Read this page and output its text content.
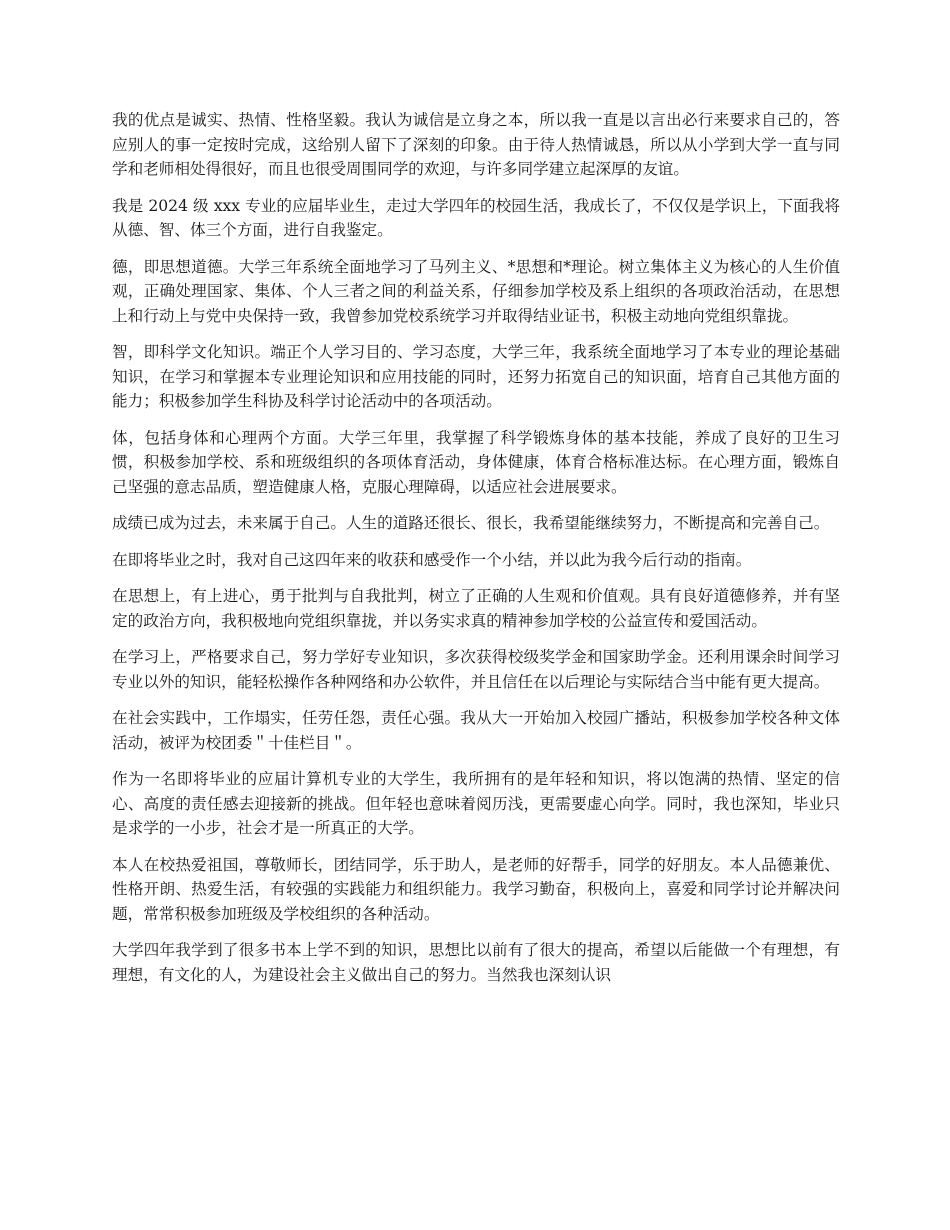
我的优点是诚实、热情、性格坚毅。我认为诚信是立身之本，所以我一直是以言出必行来要求自己的，答应别人的事一定按时完成，这给别人留下了深刻的印象。由于待人热情诚恳，所以从小学到大学一直与同学和老师相处得很好，而且也很受周围同学的欢迎，与许多同学建立起深厚的友谊。

我是 2024 级 xxx 专业的应届毕业生，走过大学四年的校园生活，我成长了，不仅仅是学识上，下面我将从德、智、体三个方面，进行自我鉴定。

德，即思想道德。大学三年系统全面地学习了马列主义、*思想和*理论。树立集体主义为核心的人生价值观，正确处理国家、集体、个人三者之间的利益关系，仔细参加学校及系上组织的各项政治活动，在思想上和行动上与党中央保持一致，我曾参加党校系统学习并取得结业证书，积极主动地向党组织靠拢。

智，即科学文化知识。端正个人学习目的、学习态度，大学三年，我系统全面地学习了本专业的理论基础知识，在学习和掌握本专业理论知识和应用技能的同时，还努力拓宽自己的知识面，培育自己其他方面的能力；积极参加学生科协及科学讨论活动中的各项活动。

体，包括身体和心理两个方面。大学三年里，我掌握了科学锻炼身体的基本技能，养成了良好的卫生习惯，积极参加学校、系和班级组织的各项体育活动，身体健康，体育合格标准达标。在心理方面，锻炼自己坚强的意志品质，塑造健康人格，克服心理障碍，以适应社会进展要求。

成绩已成为过去，未来属于自己。人生的道路还很长、很长，我希望能继续努力，不断提高和完善自己。

在即将毕业之时，我对自己这四年来的收获和感受作一个小结，并以此为我今后行动的指南。

在思想上，有上进心，勇于批判与自我批判，树立了正确的人生观和价值观。具有良好道德修养，并有坚定的政治方向，我积极地向党组织靠拢，并以务实求真的精神参加学校的公益宣传和爱国活动。

在学习上，严格要求自己，努力学好专业知识，多次获得校级奖学金和国家助学金。还利用课余时间学习专业以外的知识，能轻松操作各种网络和办公软件，并且信任在以后理论与实际结合当中能有更大提高。

在社会实践中，工作塌实，任劳任怨，责任心强。我从大一开始加入校园广播站，积极参加学校各种文体活动，被评为校团委＂十佳栏目＂。

作为一名即将毕业的应届计算机专业的大学生，我所拥有的是年轻和知识，将以饱满的热情、坚定的信心、高度的责任感去迎接新的挑战。但年轻也意味着阅历浅，更需要虚心向学。同时，我也深知，毕业只是求学的一小步，社会才是一所真正的大学。

本人在校热爱祖国，尊敬师长，团结同学，乐于助人，是老师的好帮手，同学的好朋友。本人品德兼优、性格开朗、热爱生活，有较强的实践能力和组织能力。我学习勤奋，积极向上，喜爱和同学讨论并解决问题，常常积极参加班级及学校组织的各种活动。

大学四年我学到了很多书本上学不到的知识，思想比以前有了很大的提高，希望以后能做一个有理想，有理想，有文化的人，为建设社会主义做出自己的努力。当然我也深刻认识
